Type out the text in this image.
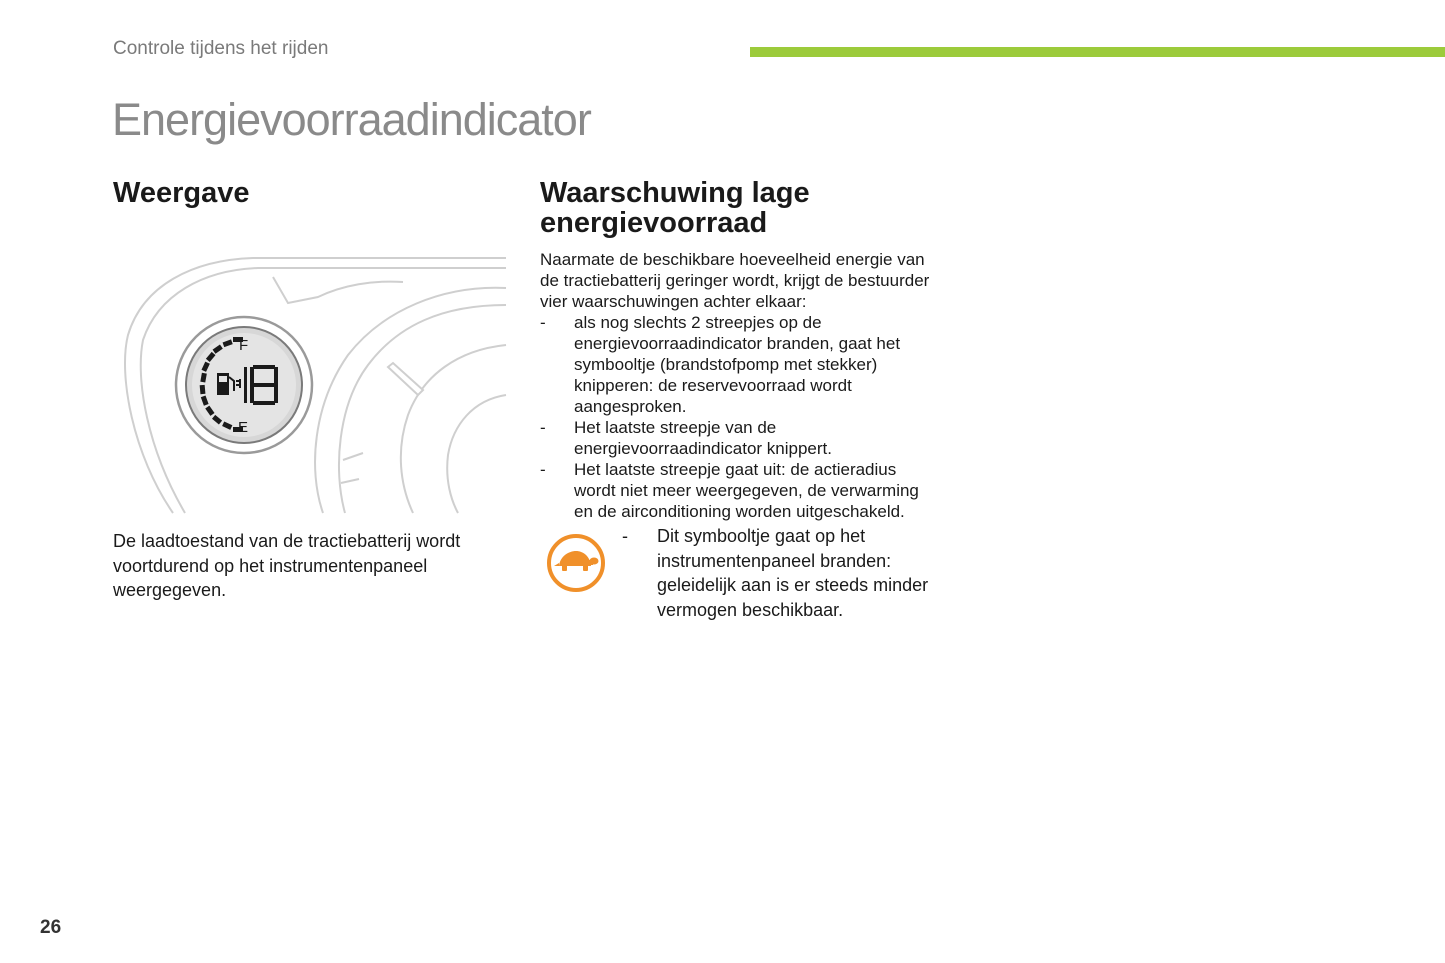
Controle tijdens het rijden
Energievoorraadindicator
Weergave
F
E

De laadtoestand van de tractiebatterij wordt voortdurend op het instrumentenpaneel weergegeven.

Waarschuwing lage energievoorraad

Naarmate de beschikbare hoeveelheid energie van de tractiebatterij geringer wordt, krijgt de bestuurder vier waarschuwingen achter elkaar:

- als nog slechts 2 streepjes op de energievoorraadindicator branden, gaat het symbooltje (brandstofpomp met stekker) knipperen: de reservevoorraad wordt aangesproken.
- Het laatste streepje van de energievoorraadindicator knippert.
- Het laatste streepje gaat uit: de actieradius wordt niet meer weergegeven, de verwarming en de airconditioning worden uitgeschakeld.

- Dit symbooltje gaat op het instrumentenpaneel branden: geleidelijk aan is er steeds minder vermogen beschikbaar.

26
